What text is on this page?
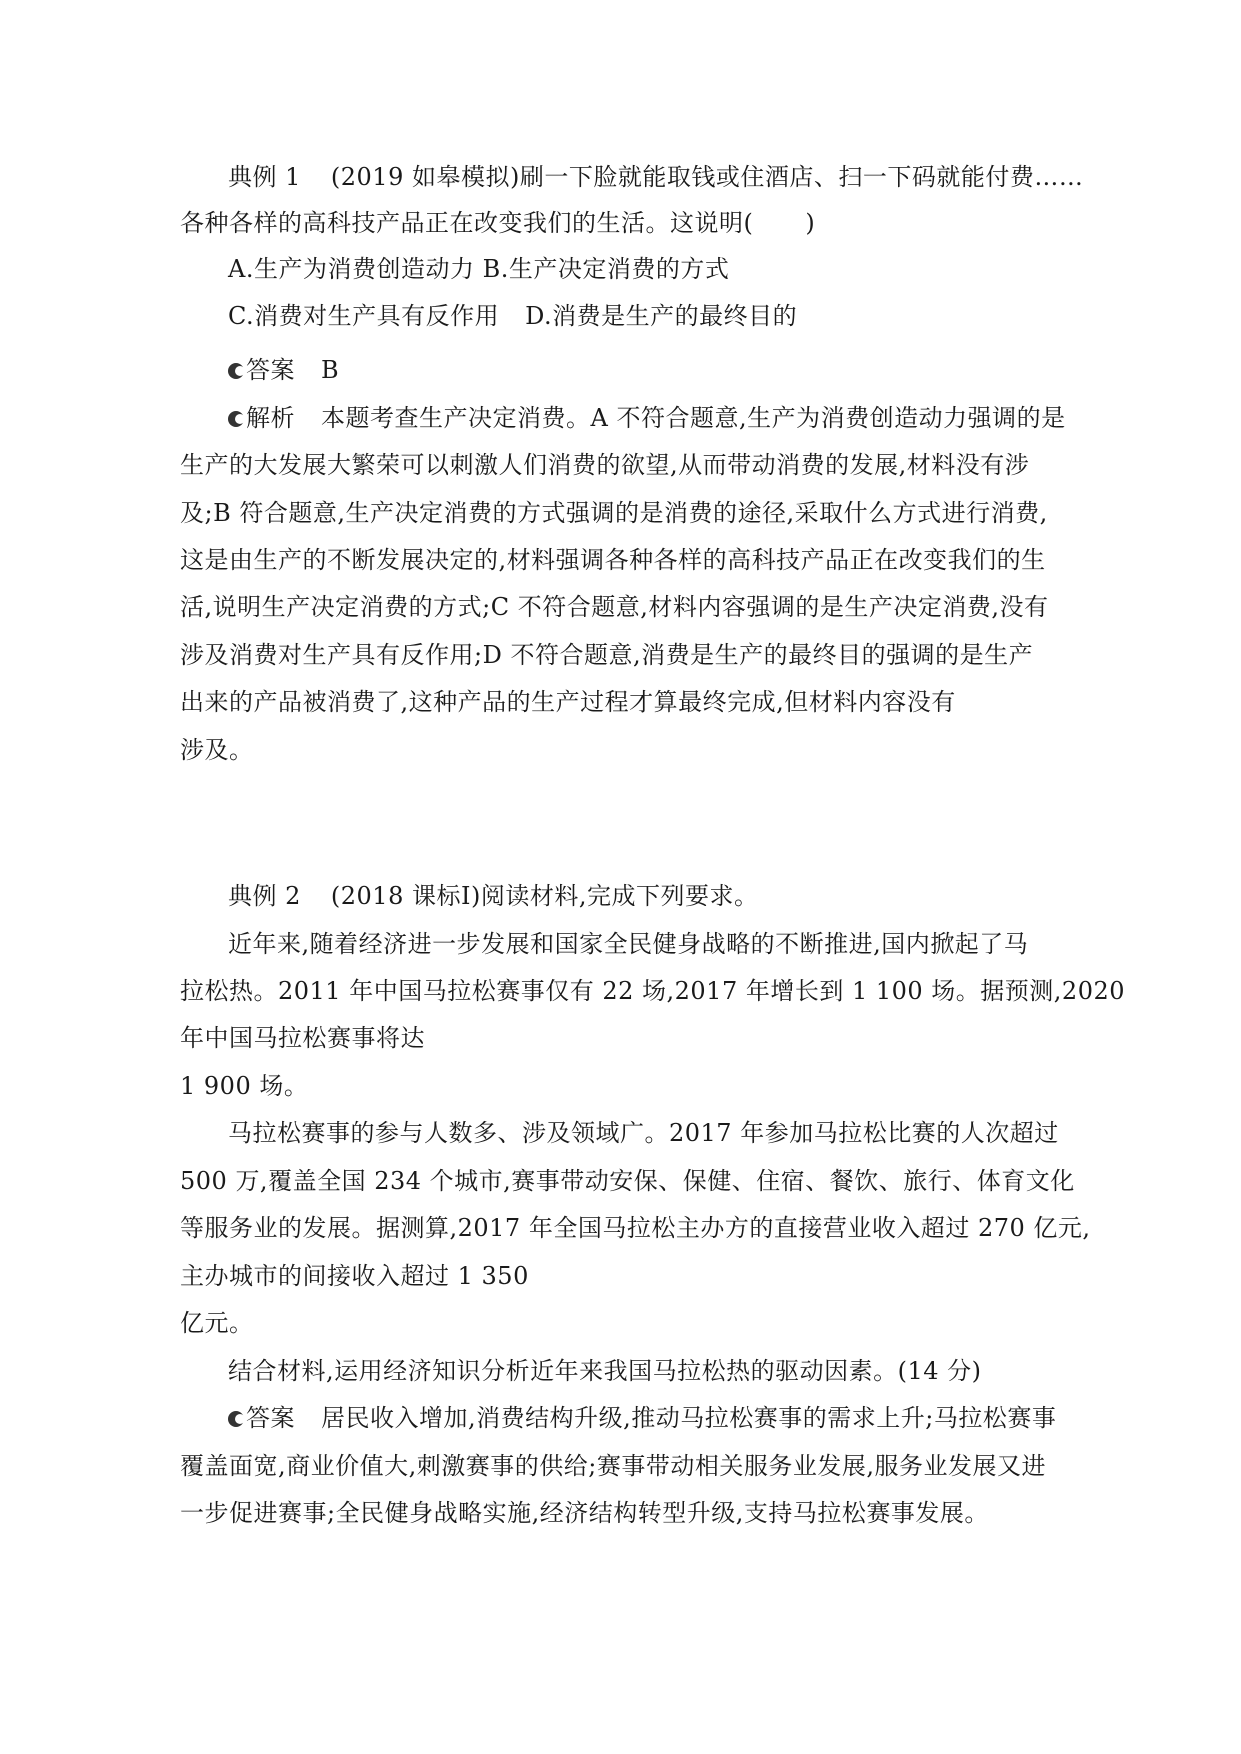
典例 1 (2019 如皋模拟)刷一下脸就能取钱或住酒店、扫一下码就能付费……
各种各样的高科技产品正在改变我们的生活。这说明( )
A.生产为消费创造动力 B.生产决定消费的方式
C.消费对生产具有反作用 D.消费是生产的最终目的
答案 B
解析 本题考查生产决定消费。A 不符合题意,生产为消费创造动力强调的是
生产的大发展大繁荣可以刺激人们消费的欲望,从而带动消费的发展,材料没有涉
及;B 符合题意,生产决定消费的方式强调的是消费的途径,采取什么方式进行消费,
这是由生产的不断发展决定的,材料强调各种各样的高科技产品正在改变我们的生
活,说明生产决定消费的方式;C 不符合题意,材料内容强调的是生产决定消费,没有
涉及消费对生产具有反作用;D 不符合题意,消费是生产的最终目的强调的是生产
出来的产品被消费了,这种产品的生产过程才算最终完成,但材料内容没有
涉及。
典例 2 (2018 课标Ⅰ)阅读材料,完成下列要求。
近年来,随着经济进一步发展和国家全民健身战略的不断推进,国内掀起了马
拉松热。2011 年中国马拉松赛事仅有 22 场,2017 年增长到 1 100 场。据预测,2020
年中国马拉松赛事将达
1 900 场。
马拉松赛事的参与人数多、涉及领域广。2017 年参加马拉松比赛的人次超过
500 万,覆盖全国 234 个城市,赛事带动安保、保健、住宿、餐饮、旅行、体育文化
等服务业的发展。据测算,2017 年全国马拉松主办方的直接营业收入超过 270 亿元,
主办城市的间接收入超过 1 350
亿元。
结合材料,运用经济知识分析近年来我国马拉松热的驱动因素。(14 分)
答案 居民收入增加,消费结构升级,推动马拉松赛事的需求上升;马拉松赛事
覆盖面宽,商业价值大,刺激赛事的供给;赛事带动相关服务业发展,服务业发展又进
一步促进赛事;全民健身战略实施,经济结构转型升级,支持马拉松赛事发展。
